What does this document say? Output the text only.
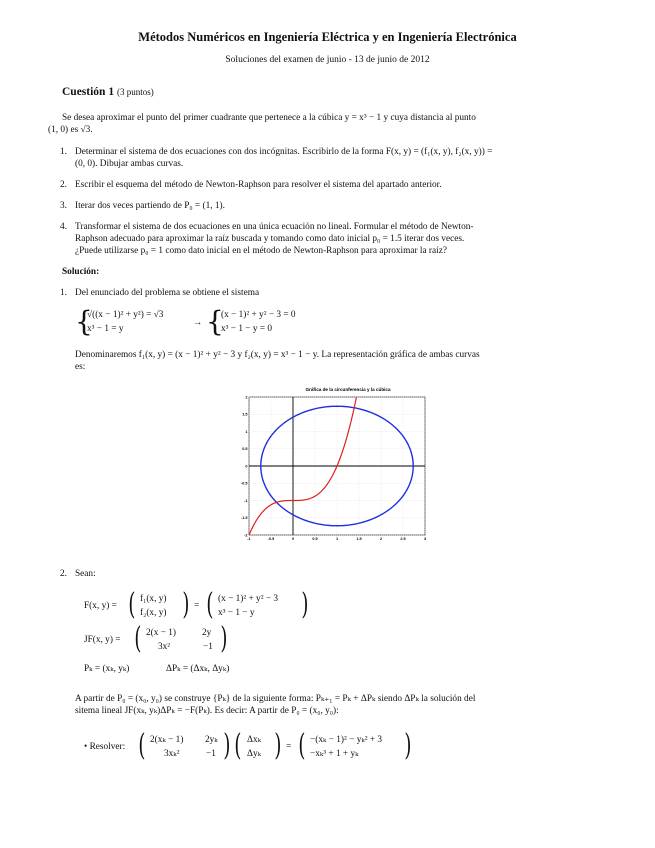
Métodos Numéricos en Ingeniería Eléctrica y en Ingeniería Electrónica
Soluciones del examen de junio - 13 de junio de 2012
Cuestión 1 (3 puntos)
Se desea aproximar el punto del primer cuadrante que pertenece a la cúbica y = x³ − 1 y cuya distancia al punto
(1, 0) es √3.
1. Determinar el sistema de dos ecuaciones con dos incógnitas. Escribirlo de la forma F(x, y) = (f₁(x, y), f₂(x, y)) =
(0, 0). Dibujar ambas curvas.
2. Escribir el esquema del método de Newton-Raphson para resolver el sistema del apartado anterior.
3. Iterar dos veces partiendo de P₀ = (1, 1).
4. Transformar el sistema de dos ecuaciones en una única ecuación no lineal. Formular el método de Newton-
Raphson adecuado para aproximar la raíz buscada y tomando como dato inicial p₀ = 1.5 iterar dos veces.
¿Puede utilizarse p₀ = 1 como dato inicial en el método de Newton-Raphson para aproximar la raíz?
Solución:
1. Del enunciado del problema se obtiene el sistema
{
√((x − 1)² + y²) = √3
x³ − 1 = y
→ {
(x − 1)² + y² − 3 = 0
x³ − 1 − y = 0
Denominaremos f₁(x, y) = (x − 1)² + y² − 3 y f₂(x, y) = x³ − 1 − y. La representación gráfica de ambas curvas
es:
Gráfica de la circunferencia y la cúbica
-1	-0.5	0	0.5	1	1.5	2	2.5	3
2
1.5
1
0.5
0
-0.5
-1
-1.5
-2
2. Sean:
F(x, y) = ( f₁(x, y)
f₂(x, y) ) = ( (x − 1)² + y² − 3
x³ − 1 − y )
JF(x, y) = ( 2(x − 1)	2y
3x²	−1 )
Pₖ = (xₖ, yₖ)	ΔPₖ = (Δxₖ, Δyₖ)
A partir de P₀ = (x₀, y₀) se construye {Pₖ} de la siguiente forma: Pₖ₊₁ = Pₖ + ΔPₖ siendo ΔPₖ la solución del
sitema lineal JF(xₖ, yₖ)ΔPₖ = −F(Pₖ). Es decir: A partir de P₀ = (x₀, y₀):
• Resolver: ( 2(xₖ − 1) 2yₖ
3xₖ²	−1 ) ( Δxₖ
Δyₖ ) = ( −(xₖ − 1)² − yₖ² + 3
−xₖ³ + 1 + yₖ )
